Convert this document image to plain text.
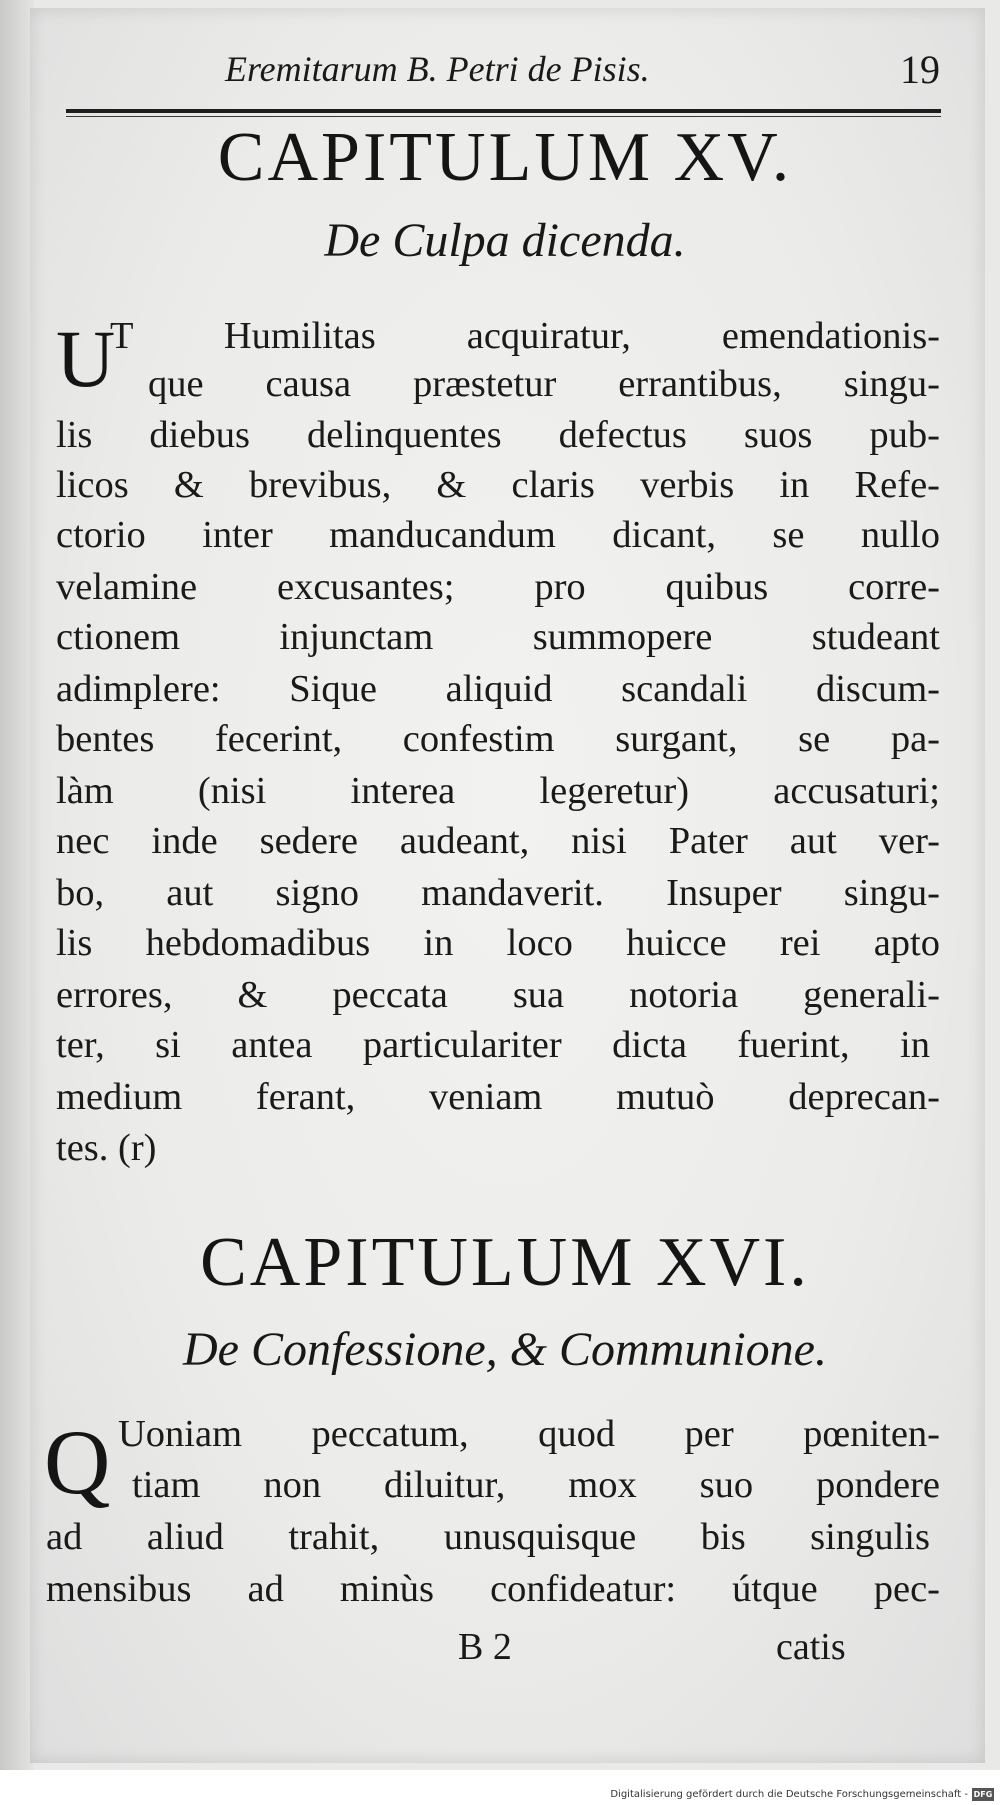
Eremitarum B. Petri de Pisis.	19
CAPITULUM XV.
De Culpa dicenda.
U
T Humilitas acquiratur, emendationis-
que causa præstetur errantibus, singu-
lis diebus delinquentes defectus suos pub-
licos & brevibus, & claris verbis in Refe-
ctorio inter manducandum dicant, se nullo
velamine excusantes; pro quibus corre-
ctionem injunctam summopere studeant
adimplere: Sique aliquid scandali discum-
bentes fecerint, confestim surgant, se pa-
làm (nisi interea legeretur) accusaturi;
nec inde sedere audeant, nisi Pater aut ver-
bo, aut signo mandaverit. Insuper singu-
lis hebdomadibus in loco huicce rei apto
errores, & peccata sua notoria generali-
ter, si antea particulariter dicta fuerint, in
medium ferant, veniam mutuò deprecan-
tes. (r)
CAPITULUM XVI.
De Confessione, & Communione.
Q Uoniam peccatum, quod per pœniten-
tiam non diluitur, mox suo pondere
ad aliud trahit, unusquisque bis singulis
mensibus ad minùs confideatur: útque pec-
B 2	catis
Digitalisierung gefördert durch die Deutsche Forschungsgemeinschaft - DFG
